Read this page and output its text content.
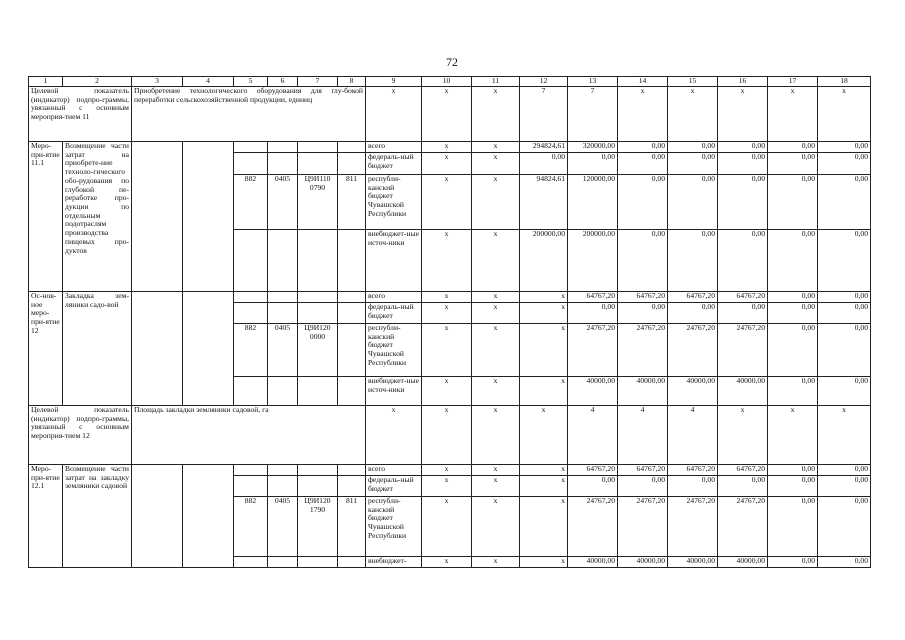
72
1	2	3	4	5	6	7	8	9	10	11	12	13	14	15	16	17	18
Целевой показатель (индикатор) подпро-граммы, увязанный с основным мероприя-тием 11		Приобретение технологического оборудования для глу-бокой переработки сельскохозяйственной продукции, единиц						x	x	x	7	7	x	x	x	x	x
Меро-при-ятие 11.1	Возмещение части затрат на приобрете-ние техноло-гического обо-рудования по глубокой пе-реработке про-дукции по отдельным подотраслям производства пищевых про-дуктов							всего	x	x	294824,61	320000,00	0,00	0,00	0,00	0,00	0,00
								федераль-ный бюджет	x	x	0,00	0,00	0,00	0,00	0,00	0,00	0,00
				882	0405	Ц9И110 0790	811	республи-канский бюджет Чувашской Республики	x	x	94824,61	120000,00	0,00	0,00	0,00	0,00	0,00
								внебюджет-ные источ-ники	x	x	200000,00	200000,00	0,00	0,00	0,00	0,00	0,00
Ос-нов-ное меро-при-ятие 12	Закладка зем-ляники садо-вой							всего	x	x	x	64767,20	64767,20	64767,20	64767,20	0,00	0,00
								федераль-ный бюджет	x	x	x	0,00	0,00	0,00	0,00	0,00	0,00
				882	0405	Ц9И120 0000		республи-канский бюджет Чувашской Республики	x	x	x	24767,20	24767,20	24767,20	24767,20	0,00	0,00
								внебюджет-ные источ-ники	x	x	x	40000,00	40000,00	40000,00	40000,00	0,00	0,00
Целевой показатель (индикатор) подпро-граммы, увязанный с основным мероприя-тием 12		Площадь закладки земляники садовой, га						x	x	x	x	4	4	4	x	x	x
Меро-при-ятие 12.1	Возмещение части затрат на закладку земляники садовой							всего	x	x	x	64767,20	64767,20	64767,20	64767,20	0,00	0,00
								федераль-ный бюджет	x	x	x	0,00	0,00	0,00	0,00	0,00	0,00
				882	0405	Ц9И120 1790	811	республи-канский бюджет Чувашской Республики	x	x	x	24767,20	24767,20	24767,20	24767,20	0,00	0,00
								внебюджет-	x	x	x	40000,00	40000,00	40000,00	40000,00	0,00	0,00
